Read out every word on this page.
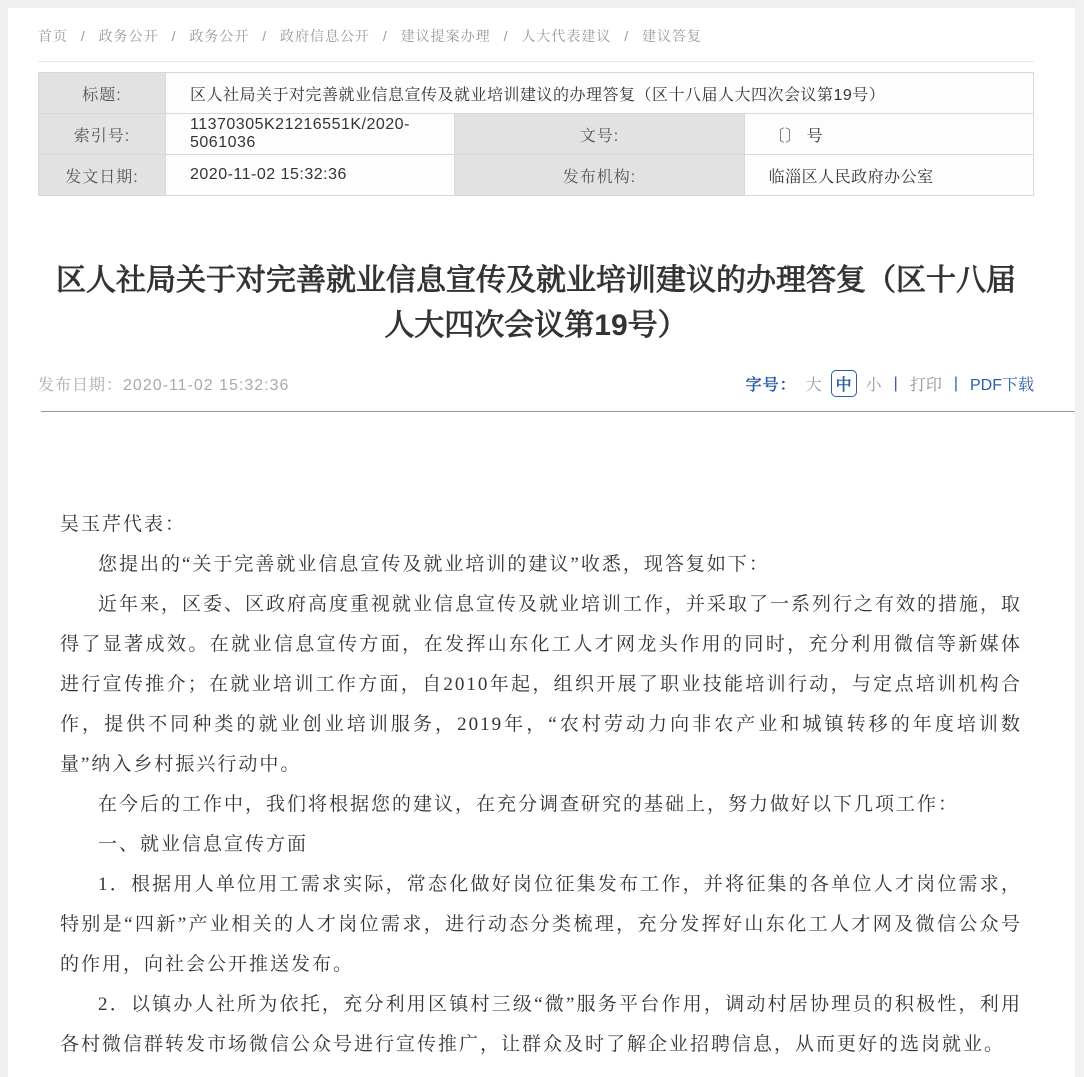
首页 / 政务公开 / 政务公开 / 政府信息公开 / 建议提案办理 / 人大代表建议 / 建议答复
标题:	区人社局关于对完善就业信息宣传及就业培训建议的办理答复（区十八届人大四次会议第19号）		
索引号:	11370305K21216551K/2020-5061036	文号:	〔〕 号
发文日期:	2020-11-02 15:32:36	发布机构:	临淄区人民政府办公室
区人社局关于对完善就业信息宣传及就业培训建议的办理答复（区十八届人大四次会议第19号）
发布日期：2020-11-02 15:32:36	字号： 大 中 小 | 打印 | PDF下载

吴玉芹代表：

您提出的“关于完善就业信息宣传及就业培训的建议”收悉，现答复如下：

近年来，区委、区政府高度重视就业信息宣传及就业培训工作，并采取了一系列行之有效的措施，取得了显著成效。在就业信息宣传方面，在发挥山东化工人才网龙头作用的同时，充分利用微信等新媒体进行宣传推介；在就业培训工作方面，自2010年起，组织开展了职业技能培训行动，与定点培训机构合作，提供不同种类的就业创业培训服务，2019年，“农村劳动力向非农产业和城镇转移的年度培训数量”纳入乡村振兴行动中。

在今后的工作中，我们将根据您的建议，在充分调查研究的基础上，努力做好以下几项工作：

一、就业信息宣传方面

1．根据用人单位用工需求实际，常态化做好岗位征集发布工作，并将征集的各单位人才岗位需求，特别是“四新”产业相关的人才岗位需求，进行动态分类梳理，充分发挥好山东化工人才网及微信公众号的作用，向社会公开推送发布。

2．以镇办人社所为依托，充分利用区镇村三级“微”服务平台作用，调动村居协理员的积极性，利用各村微信群转发市场微信公众号进行宣传推广，让群众及时了解企业招聘信息，从而更好的选岗就业。
